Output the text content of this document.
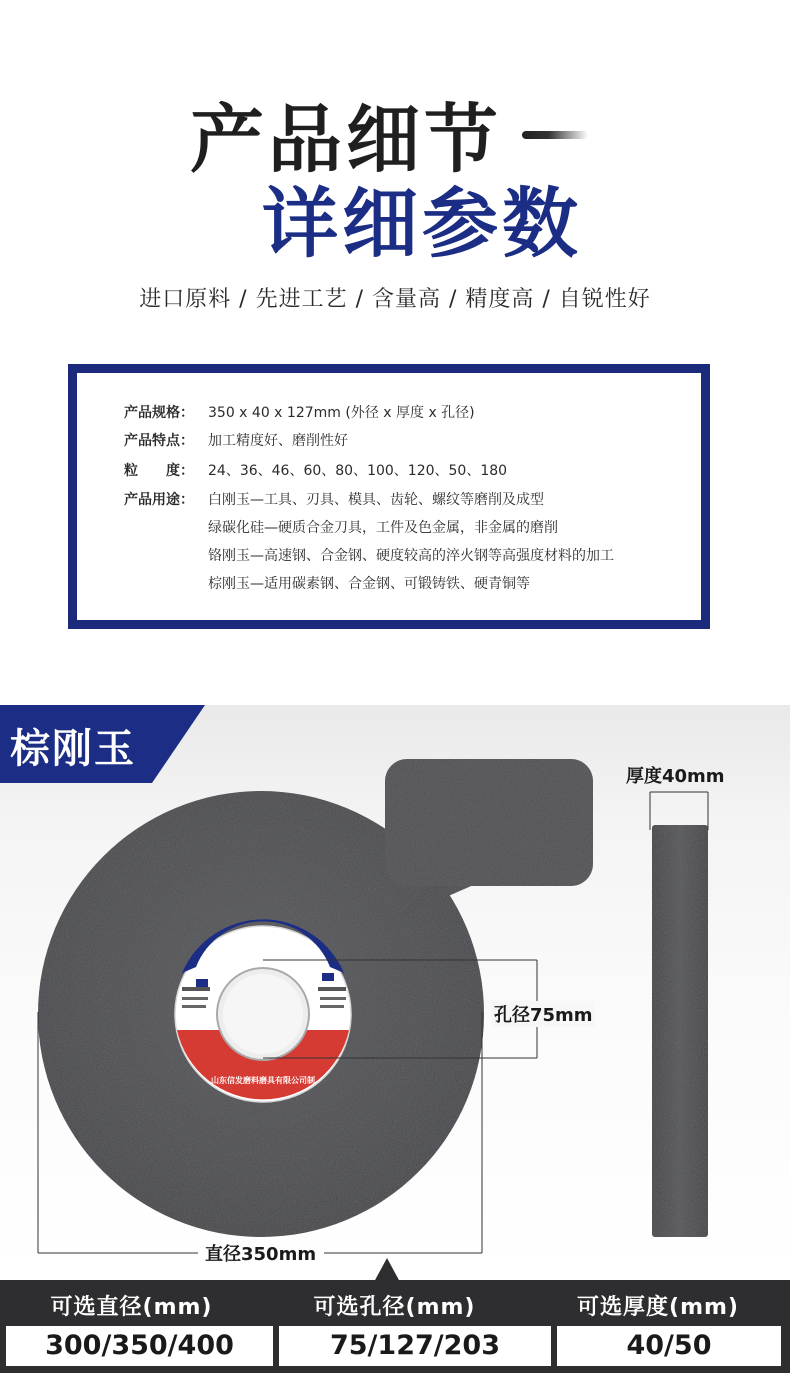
产品细节
详细参数
进口原料 / 先进工艺 / 含量高 / 精度高 / 自锐性好
产品规格： 350 x 40 x 127mm (外径 x 厚度 x 孔径)
产品特点： 加工精度好、磨削性好
粒　　度： 24、36、46、60、80、100、120、50、180
产品用途： 白刚玉—工具、刃具、模具、齿轮、螺纹等磨削及成型
绿碳化硅—硬质合金刀具，工件及色金属，非金属的磨削
铬刚玉—高速钢、合金钢、硬度较高的淬火钢等高强度材料的加工
棕刚玉—适用碳素钢、合金钢、可锻铸铁、硬青铜等
棕刚玉
信发磨具
山东信发磨料磨具有限公司制
厚度40mm
孔径75mm
直径350mm
可选直径(mm)	可选孔径(mm)	可选厚度(mm)
300/350/400	75/127/203	40/50
